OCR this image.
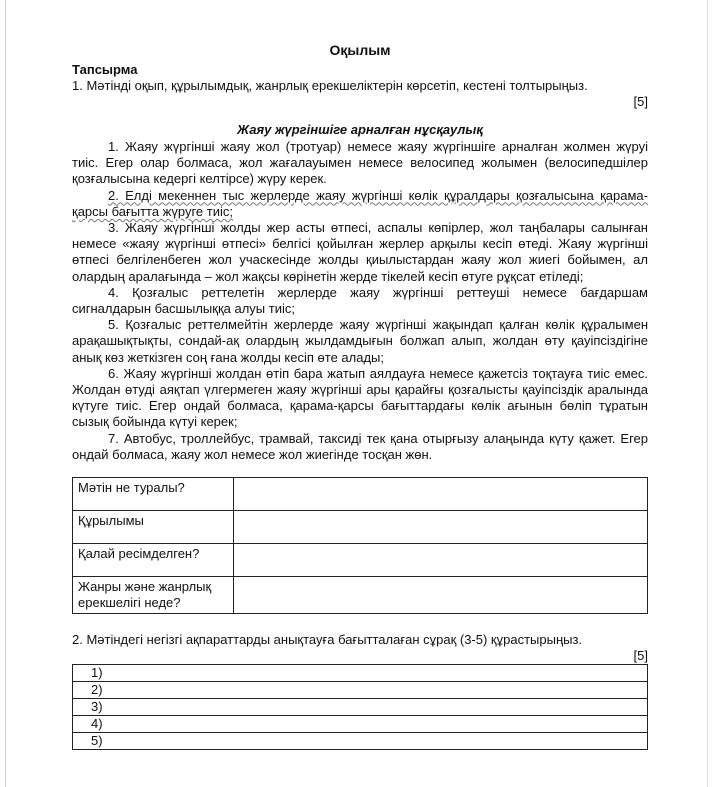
Оқылым

Тапсырма

1. Мәтінді оқып, құрылымдық, жанрлық ерекшеліктерін көрсетіп, кестені толтырыңыз.

[5]

Жаяу жүргіншіге арналған нұсқаулық

1. Жаяу жүргінші жаяу жол (тротуар) немесе жаяу жүргіншіге арналған жолмен жүруі тиіс. Егер олар болмаса, жол жағалауымен немесе велосипед жолымен (велосипедшілер қозғалысына кедергі келтірсе) жүру керек.

2. Елді мекеннен тыс жерлерде жаяу жүргінші көлік құралдары қозғалысына қарама-қарсы бағытта жүруге тиіс;

3. Жаяу жүргінші жолды жер асты өтпесі, аспалы көпірлер, жол таңбалары салынған немесе «жаяу жүргінші өтпесі» белгісі қойылған жерлер арқылы кесіп өтеді. Жаяу жүргінші өтпесі белгіленбеген жол учаскесінде жолды қиылыстардан жаяу жол жиегі бойымен, ал олардың аралағында – жол жақсы көрінетін жерде тікелей кесіп өтуге рұқсат етіледі;

4. Қозғалыс реттелетін жерлерде жаяу жүргінші реттеуші немесе бағдаршам сигналдарын басшылыққа алуы тиіс;

5. Қозғалыс реттелмейтін жерлерде жаяу жүргінші жақындап қалған көлік құралымен арақашықтықты, сондай-ақ олардың жылдамдығын болжап алып, жолдан өту қауіпсіздігіне анық көз жеткізген соң ғана жолды кесіп өте алады;

6. Жаяу жүргінші жолдан өтіп бара жатып аялдауға немесе қажетсіз тоқтауға тиіс емес. Жолдан өтуді аяқтап үлгермеген жаяу жүргінші ары қарайғы қозғалысты қауіпсіздік аралында күтуге тиіс. Егер ондай болмаса, қарама-қарсы бағыттардағы көлік ағынын бөліп тұратын сызық бойында күтуі керек;

7. Автобус, троллейбус, трамвай, таксиді тек қана отырғызу алаңында күту қажет. Егер ондай болмаса, жаяу жол немесе жол жиегінде тосқан жөн.

Мәтін не туралы?	
Құрылымы	
Қалай ресімделген?	
Жанры және жанрлық ерекшелігі неде?	

2. Мәтіндегі негізгі ақпараттарды анықтауға бағытталаған сұрақ (3-5) құрастырыңыз.

[5]

1)
2)
3)
4)
5)
